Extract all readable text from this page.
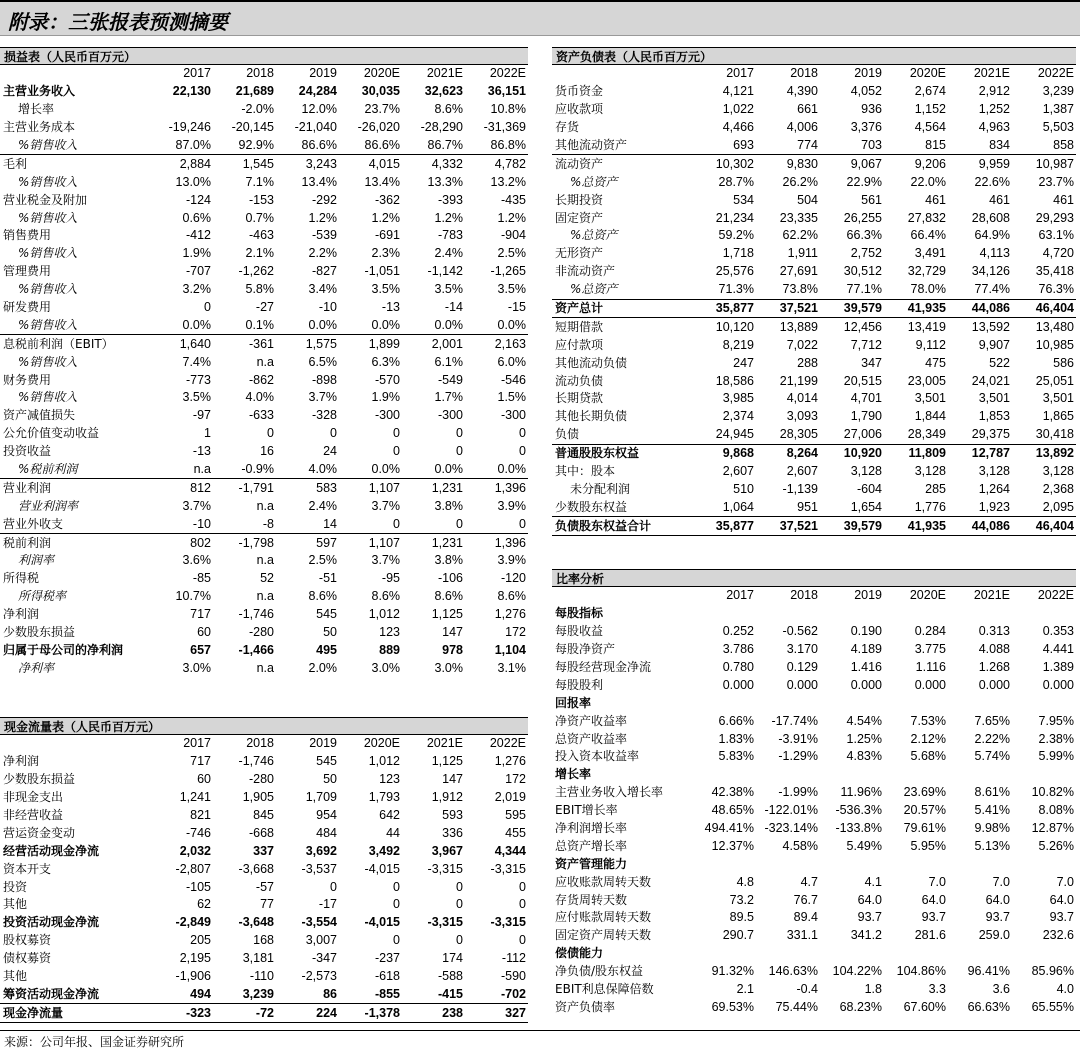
附录：三张报表预测摘要
损益表（人民币百万元）
	2017	2018	2019	2020E	2021E	2022E
主营业务收入	22,130	21,689	24,284	30,035	32,623	36,151
增长率		-2.0%	12.0%	23.7%	8.6%	10.8%
主营业务成本	-19,246	-20,145	-21,040	-26,020	-28,290	-31,369
%销售收入	87.0%	92.9%	86.6%	86.6%	86.7%	86.8%
毛利	2,884	1,545	3,243	4,015	4,332	4,782
%销售收入	13.0%	7.1%	13.4%	13.4%	13.3%	13.2%
营业税金及附加	-124	-153	-292	-362	-393	-435
%销售收入	0.6%	0.7%	1.2%	1.2%	1.2%	1.2%
销售费用	-412	-463	-539	-691	-783	-904
%销售收入	1.9%	2.1%	2.2%	2.3%	2.4%	2.5%
管理费用	-707	-1,262	-827	-1,051	-1,142	-1,265
%销售收入	3.2%	5.8%	3.4%	3.5%	3.5%	3.5%
研发费用	0	-27	-10	-13	-14	-15
%销售收入	0.0%	0.1%	0.0%	0.0%	0.0%	0.0%
息税前利润（EBIT）	1,640	-361	1,575	1,899	2,001	2,163
%销售收入	7.4%	n.a	6.5%	6.3%	6.1%	6.0%
财务费用	-773	-862	-898	-570	-549	-546
%销售收入	3.5%	4.0%	3.7%	1.9%	1.7%	1.5%
资产减值损失	-97	-633	-328	-300	-300	-300
公允价值变动收益	1	0	0	0	0	0
投资收益	-13	16	24	0	0	0
%税前利润	n.a	-0.9%	4.0%	0.0%	0.0%	0.0%
营业利润	812	-1,791	583	1,107	1,231	1,396
营业利润率	3.7%	n.a	2.4%	3.7%	3.8%	3.9%
营业外收支	-10	-8	14	0	0	0
税前利润	802	-1,798	597	1,107	1,231	1,396
利润率	3.6%	n.a	2.5%	3.7%	3.8%	3.9%
所得税	-85	52	-51	-95	-106	-120
所得税率	10.7%	n.a	8.6%	8.6%	8.6%	8.6%
净利润	717	-1,746	545	1,012	1,125	1,276
少数股东损益	60	-280	50	123	147	172
归属于母公司的净利润	657	-1,466	495	889	978	1,104
净利率	3.0%	n.a	2.0%	3.0%	3.0%	3.1%
现金流量表（人民币百万元）
	2017	2018	2019	2020E	2021E	2022E
净利润	717	-1,746	545	1,012	1,125	1,276
少数股东损益	60	-280	50	123	147	172
非现金支出	1,241	1,905	1,709	1,793	1,912	2,019
非经营收益	821	845	954	642	593	595
营运资金变动	-746	-668	484	44	336	455
经营活动现金净流	2,032	337	3,692	3,492	3,967	4,344
资本开支	-2,807	-3,668	-3,537	-4,015	-3,315	-3,315
投资	-105	-57	0	0	0	0
其他	62	77	-17	0	0	0
投资活动现金净流	-2,849	-3,648	-3,554	-4,015	-3,315	-3,315
股权募资	205	168	3,007	0	0	0
债权募资	2,195	3,181	-347	-237	174	-112
其他	-1,906	-110	-2,573	-618	-588	-590
筹资活动现金净流	494	3,239	86	-855	-415	-702
现金净流量	-323	-72	224	-1,378	238	327
资产负债表（人民币百万元）
	2017	2018	2019	2020E	2021E	2022E
货币资金	4,121	4,390	4,052	2,674	2,912	3,239
应收款项	1,022	661	936	1,152	1,252	1,387
存货	4,466	4,006	3,376	4,564	4,963	5,503
其他流动资产	693	774	703	815	834	858
流动资产	10,302	9,830	9,067	9,206	9,959	10,987
%总资产	28.7%	26.2%	22.9%	22.0%	22.6%	23.7%
长期投资	534	504	561	461	461	461
固定资产	21,234	23,335	26,255	27,832	28,608	29,293
%总资产	59.2%	62.2%	66.3%	66.4%	64.9%	63.1%
无形资产	1,718	1,911	2,752	3,491	4,113	4,720
非流动资产	25,576	27,691	30,512	32,729	34,126	35,418
%总资产	71.3%	73.8%	77.1%	78.0%	77.4%	76.3%
资产总计	35,877	37,521	39,579	41,935	44,086	46,404
短期借款	10,120	13,889	12,456	13,419	13,592	13,480
应付款项	8,219	7,022	7,712	9,112	9,907	10,985
其他流动负债	247	288	347	475	522	586
流动负债	18,586	21,199	20,515	23,005	24,021	25,051
长期贷款	3,985	4,014	4,701	3,501	3,501	3,501
其他长期负债	2,374	3,093	1,790	1,844	1,853	1,865
负债	24,945	28,305	27,006	28,349	29,375	30,418
普通股股东权益	9,868	8,264	10,920	11,809	12,787	13,892
其中：股本	2,607	2,607	3,128	3,128	3,128	3,128
未分配利润	510	-1,139	-604	285	1,264	2,368
少数股东权益	1,064	951	1,654	1,776	1,923	2,095
负债股东权益合计	35,877	37,521	39,579	41,935	44,086	46,404
比率分析
	2017	2018	2019	2020E	2021E	2022E
每股指标						
每股收益	0.252	-0.562	0.190	0.284	0.313	0.353
每股净资产	3.786	3.170	4.189	3.775	4.088	4.441
每股经营现金净流	0.780	0.129	1.416	1.116	1.268	1.389
每股股利	0.000	0.000	0.000	0.000	0.000	0.000
回报率						
净资产收益率	6.66%	-17.74%	4.54%	7.53%	7.65%	7.95%
总资产收益率	1.83%	-3.91%	1.25%	2.12%	2.22%	2.38%
投入资本收益率	5.83%	-1.29%	4.83%	5.68%	5.74%	5.99%
增长率						
主营业务收入增长率	42.38%	-1.99%	11.96%	23.69%	8.61%	10.82%
EBIT增长率	48.65%	-122.01%	-536.3%	20.57%	5.41%	8.08%
净利润增长率	494.41%	-323.14%	-133.8%	79.61%	9.98%	12.87%
总资产增长率	12.37%	4.58%	5.49%	5.95%	5.13%	5.26%
资产管理能力						
应收账款周转天数	4.8	4.7	4.1	7.0	7.0	7.0
存货周转天数	73.2	76.7	64.0	64.0	64.0	64.0
应付账款周转天数	89.5	89.4	93.7	93.7	93.7	93.7
固定资产周转天数	290.7	331.1	341.2	281.6	259.0	232.6
偿债能力						
净负债/股东权益	91.32%	146.63%	104.22%	104.86%	96.41%	85.96%
EBIT利息保障倍数	2.1	-0.4	1.8	3.3	3.6	4.0
资产负债率	69.53%	75.44%	68.23%	67.60%	66.63%	65.55%
来源：公司年报、国金证券研究所
